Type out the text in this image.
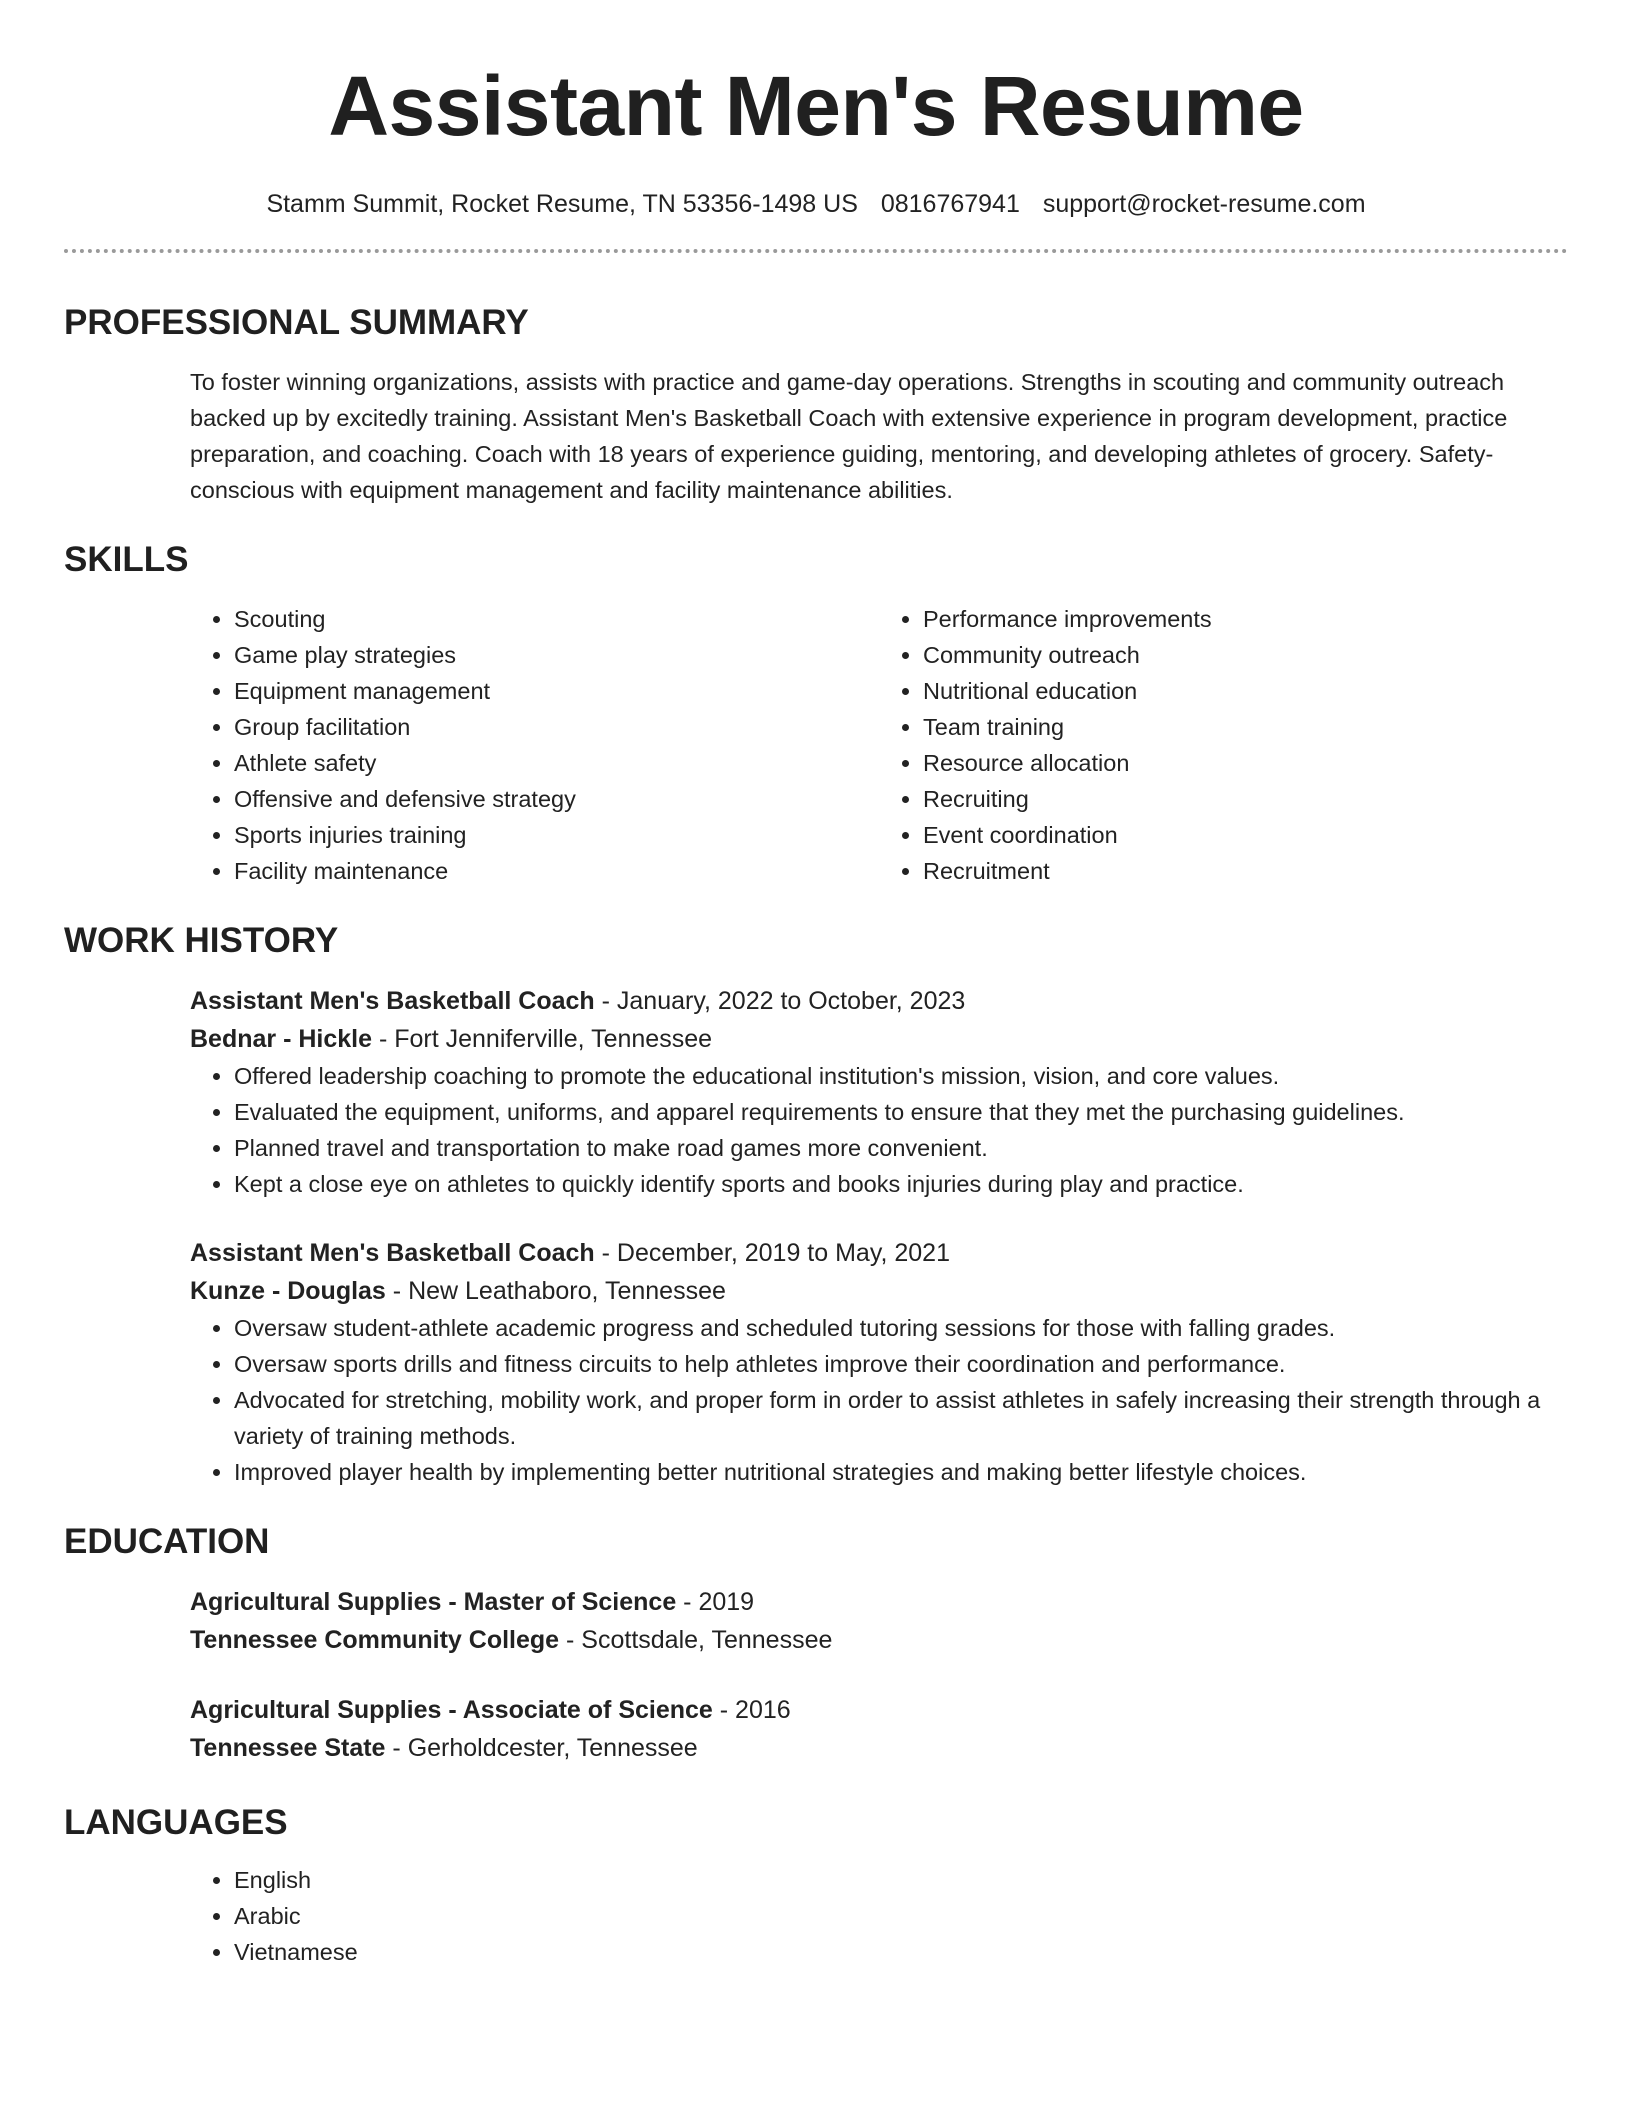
Assistant Men's Resume
Stamm Summit, Rocket Resume, TN 53356-1498 US 0816767941 support@rocket-resume.com
PROFESSIONAL SUMMARY
To foster winning organizations, assists with practice and game-day operations. Strengths in scouting and community outreach backed up by excitedly training. Assistant Men's Basketball Coach with extensive experience in program development, practice preparation, and coaching. Coach with 18 years of experience guiding, mentoring, and developing athletes of grocery. Safety-conscious with equipment management and facility maintenance abilities.
SKILLS
• Scouting
• Game play strategies
• Equipment management
• Group facilitation
• Athlete safety
• Offensive and defensive strategy
• Sports injuries training
• Facility maintenance
• Performance improvements
• Community outreach
• Nutritional education
• Team training
• Resource allocation
• Recruiting
• Event coordination
• Recruitment
WORK HISTORY
Assistant Men's Basketball Coach - January, 2022 to October, 2023
Bednar - Hickle - Fort Jenniferville, Tennessee
• Offered leadership coaching to promote the educational institution's mission, vision, and core values.
• Evaluated the equipment, uniforms, and apparel requirements to ensure that they met the purchasing guidelines.
• Planned travel and transportation to make road games more convenient.
• Kept a close eye on athletes to quickly identify sports and books injuries during play and practice.
Assistant Men's Basketball Coach - December, 2019 to May, 2021
Kunze - Douglas - New Leathaboro, Tennessee
• Oversaw student-athlete academic progress and scheduled tutoring sessions for those with falling grades.
• Oversaw sports drills and fitness circuits to help athletes improve their coordination and performance.
• Advocated for stretching, mobility work, and proper form in order to assist athletes in safely increasing their strength through a variety of training methods.
• Improved player health by implementing better nutritional strategies and making better lifestyle choices.
EDUCATION
Agricultural Supplies - Master of Science - 2019
Tennessee Community College - Scottsdale, Tennessee
Agricultural Supplies - Associate of Science - 2016
Tennessee State - Gerholdcester, Tennessee
LANGUAGES
• English
• Arabic
• Vietnamese
